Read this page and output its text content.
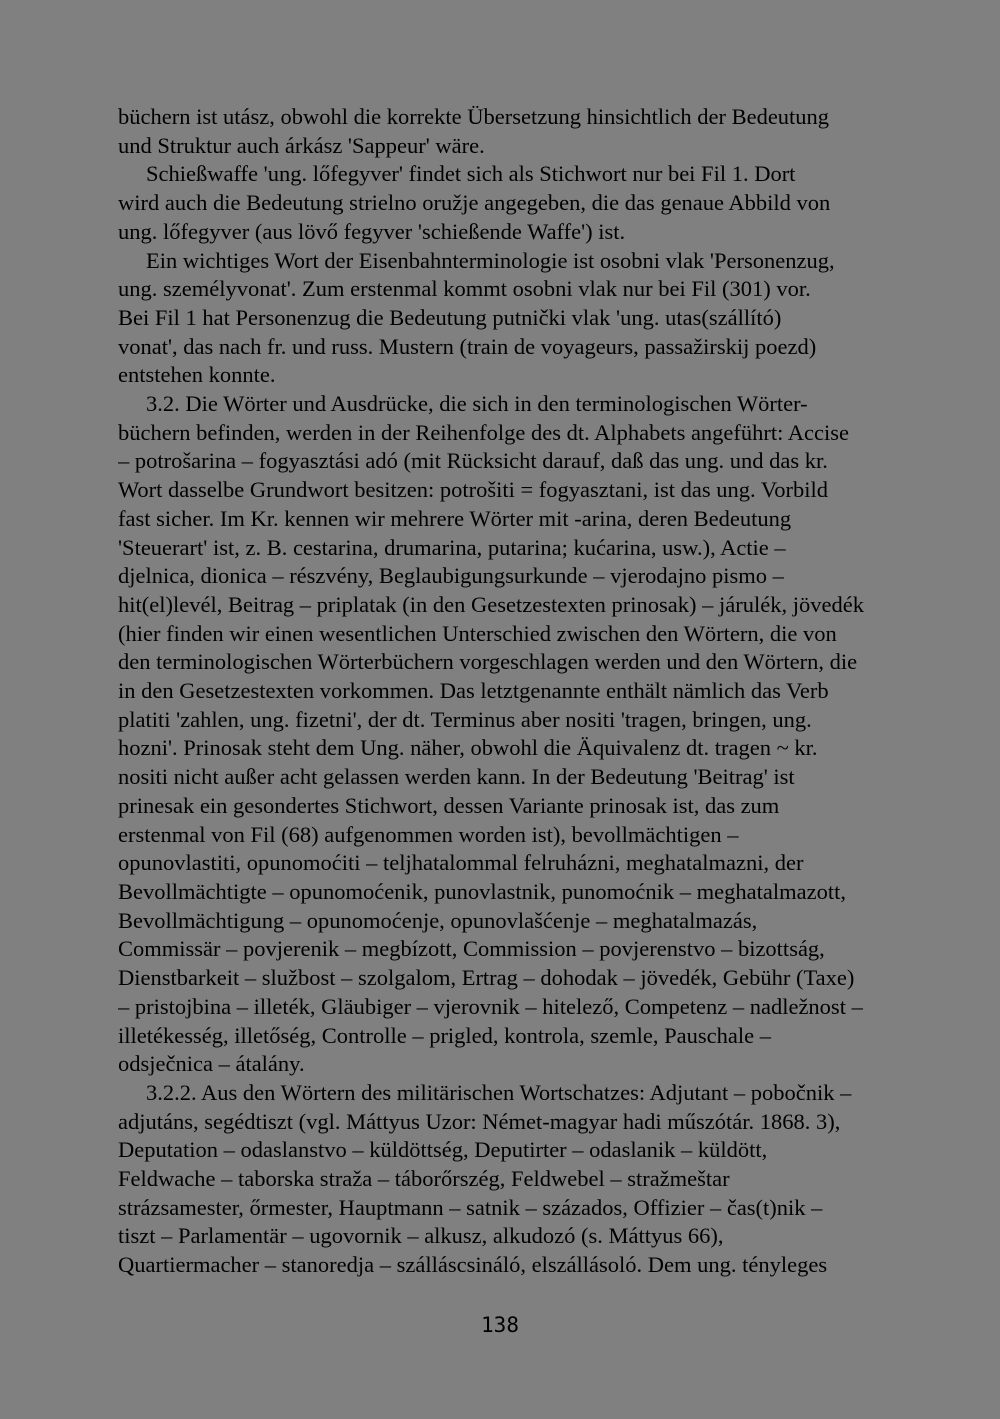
büchern ist utász, obwohl die korrekte Übersetzung hinsichtlich der Bedeutung
und Struktur auch árkász 'Sappeur' wäre.
Schießwaffe 'ung. lőfegyver' findet sich als Stichwort nur bei Fil 1. Dort
wird auch die Bedeutung strielno oružje angegeben, die das genaue Abbild von
ung. lőfegyver (aus lövő fegyver 'schießende Waffe') ist.
Ein wichtiges Wort der Eisenbahnterminologie ist osobni vlak 'Personenzug,
ung. személyvonat'. Zum erstenmal kommt osobni vlak nur bei Fil (301) vor.
Bei Fil 1 hat Personenzug die Bedeutung putnički vlak 'ung. utas(szállító)
vonat', das nach fr. und russ. Mustern (train de voyageurs, passažirskij poezd)
entstehen konnte.
3.2. Die Wörter und Ausdrücke, die sich in den terminologischen Wörter-
büchern befinden, werden in der Reihenfolge des dt. Alphabets angeführt: Accise
– potrošarina – fogyasztási adó (mit Rücksicht darauf, daß das ung. und das kr.
Wort dasselbe Grundwort besitzen: potrošiti = fogyasztani, ist das ung. Vorbild
fast sicher. Im Kr. kennen wir mehrere Wörter mit -arina, deren Bedeutung
'Steuerart' ist, z. B. cestarina, drumarina, putarina; kućarina, usw.), Actie –
djelnica, dionica – részvény, Beglaubigungsurkunde – vjerodajno pismo –
hit(el)levél, Beitrag – priplatak (in den Gesetzestexten prinosak) – járulék, jövedék
(hier finden wir einen wesentlichen Unterschied zwischen den Wörtern, die von
den terminologischen Wörterbüchern vorgeschlagen werden und den Wörtern, die
in den Gesetzestexten vorkommen. Das letztgenannte enthält nämlich das Verb
platiti 'zahlen, ung. fizetni', der dt. Terminus aber nositi 'tragen, bringen, ung.
hozni'. Prinosak steht dem Ung. näher, obwohl die Äquivalenz dt. tragen ~ kr.
nositi nicht außer acht gelassen werden kann. In der Bedeutung 'Beitrag' ist
prinesak ein gesondertes Stichwort, dessen Variante prinosak ist, das zum
erstenmal von Fil (68) aufgenommen worden ist), bevollmächtigen –
opunovlastiti, opunomoćiti – teljhatalommal felruházni, meghatalmazni, der
Bevollmächtigte – opunomoćenik, punovlastnik, punomoćnik – meghatalmazott,
Bevollmächtigung – opunomoćenje, opunovlašćenje – meghatalmazás,
Commissär – povjerenik – megbízott, Commission – povjerenstvo – bizottság,
Dienstbarkeit – službost – szolgalom, Ertrag – dohodak – jövedék, Gebühr (Taxe)
– pristojbina – illeték, Gläubiger – vjerovnik – hitelező, Competenz – nadležnost –
illetékesség, illetőség, Controlle – prigled, kontrola, szemle, Pauschale –
odsječnica – átalány.
3.2.2. Aus den Wörtern des militärischen Wortschatzes: Adjutant – pobočnik –
adjutáns, segédtiszt (vgl. Máttyus Uzor: Német-magyar hadi műszótár. 1868. 3),
Deputation – odaslanstvo – küldöttség, Deputirter – odaslanik – küldött,
Feldwache – taborska straža – táborőrszég, Feldwebel – stražmeštar
strázsamester, őrmester, Hauptmann – satnik – százados, Offizier – čas(t)nik –
tiszt – Parlamentär – ugovornik – alkusz, alkudozó (s. Máttyus 66),
Quartiermacher – stanoredja – szálláscsináló, elszállásoló. Dem ung. tényleges
138
